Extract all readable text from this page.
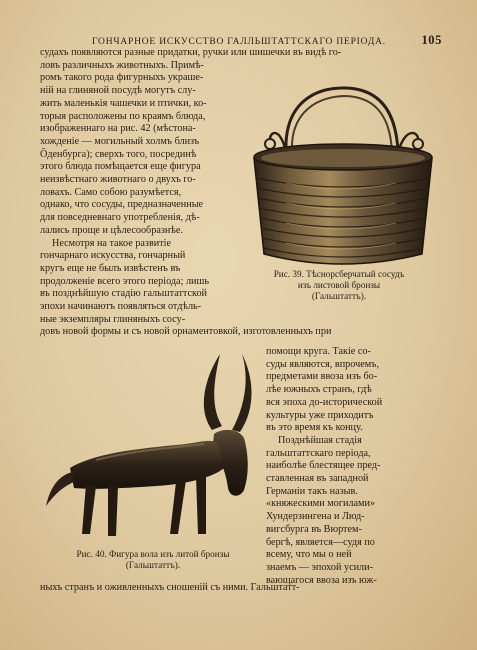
ГОНЧАРНОЕ ИСКУССТВО ГАЛЛЬШТАТТСКАГО ПЕРІОДА.	105
судахъ появляются разные придатки, ручки или шишечки въ видѣ го-
ловъ различныхъ животныхъ. Примѣ-
ромъ такого рода фигурныхъ украше-
ній на глиняной посудѣ могутъ слу-
жить маленькія чашечки и птички, ко-
торыя расположены по краямъ блюда,
изображеннаго на рис. 42 (мѣстона-
хожденіе — могильный холмъ близъ
Ōденбурга); сверхъ того, посрединѣ
этого блюда помѣщается еще фигура
неизвѣстнаго животнаго о двухъ го-
ловахъ. Само собою разумѣется,
однако, что сосуды, предназначенные
для повседневнаго употребленія, дѣ-
лались проще и цѣлесообразнѣе.
Несмотря на такое развитіе
гончарнаго искусства, гончарный
кругъ еще не былъ извѣстенъ въ
продолженіе всего этого періода; лишь
въ позднѣйшую стадію гальштаттской
эпохи начинаютъ появляться отдѣль-
ные экземпляры глиняныхъ сосу-
довъ новой формы и съ новой орнаментовкой, изготовленныхъ при
Рис. 39. Тѣснорсберчатый сосудъ
изъ листовой бронзы
(Гальштаттъ).
Рис. 40. Фигура вола изъ литой бронзы
(Гальштаттъ).
помощи круга. Такіе со-
суды являются, впрочемъ,
предметами ввоза изъ бо-
лѣе южныхъ странъ, гдѣ
вся эпоха до-исторической
культуры уже приходитъ
въ это время къ концу.
Позднѣйшая стадія
гальштаттскаго періода,
наиболѣе блестящее пред-
ставленная въ западной
Германіи такъ назыв.
«княжескими могилами»
Хундерзингена и Люд-
вигсбурга въ Вюртем-
бергѣ, является—судя по
всему, что мы о ней
знаемъ — эпохой усили-
вающагося ввоза изъ юж-
ныхъ странъ и оживленныхъ сношеній съ ними. Гальштатт-
